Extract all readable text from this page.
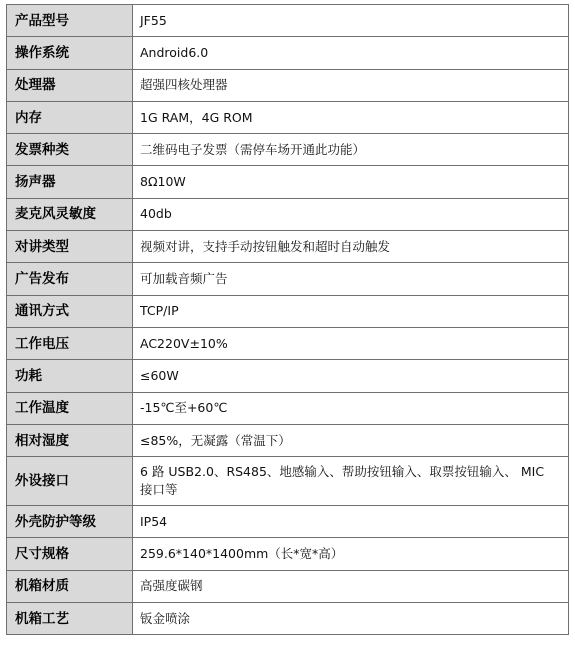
产品型号	JF55
操作系统	Android6.0
处理器	超强四核处理器
内存	1G RAM，4G ROM
发票种类	二维码电子发票（需停车场开通此功能）
扬声器	8Ω10W
麦克风灵敏度	40db
对讲类型	视频对讲，支持手动按钮触发和超时自动触发
广告发布	可加载音频广告
通讯方式	TCP/IP
工作电压	AC220V±10%
功耗	≤60W
工作温度	-15℃至+60℃
相对湿度	≤85%，无凝露（常温下）
外设接口	6 路 USB2.0、RS485、地感输入、帮助按钮输入、取票按钮输入、 MIC 接口等
外壳防护等级	IP54
尺寸规格	259.6*140*1400mm（长*宽*高）
机箱材质	高强度碳钢
机箱工艺	钣金喷涂
